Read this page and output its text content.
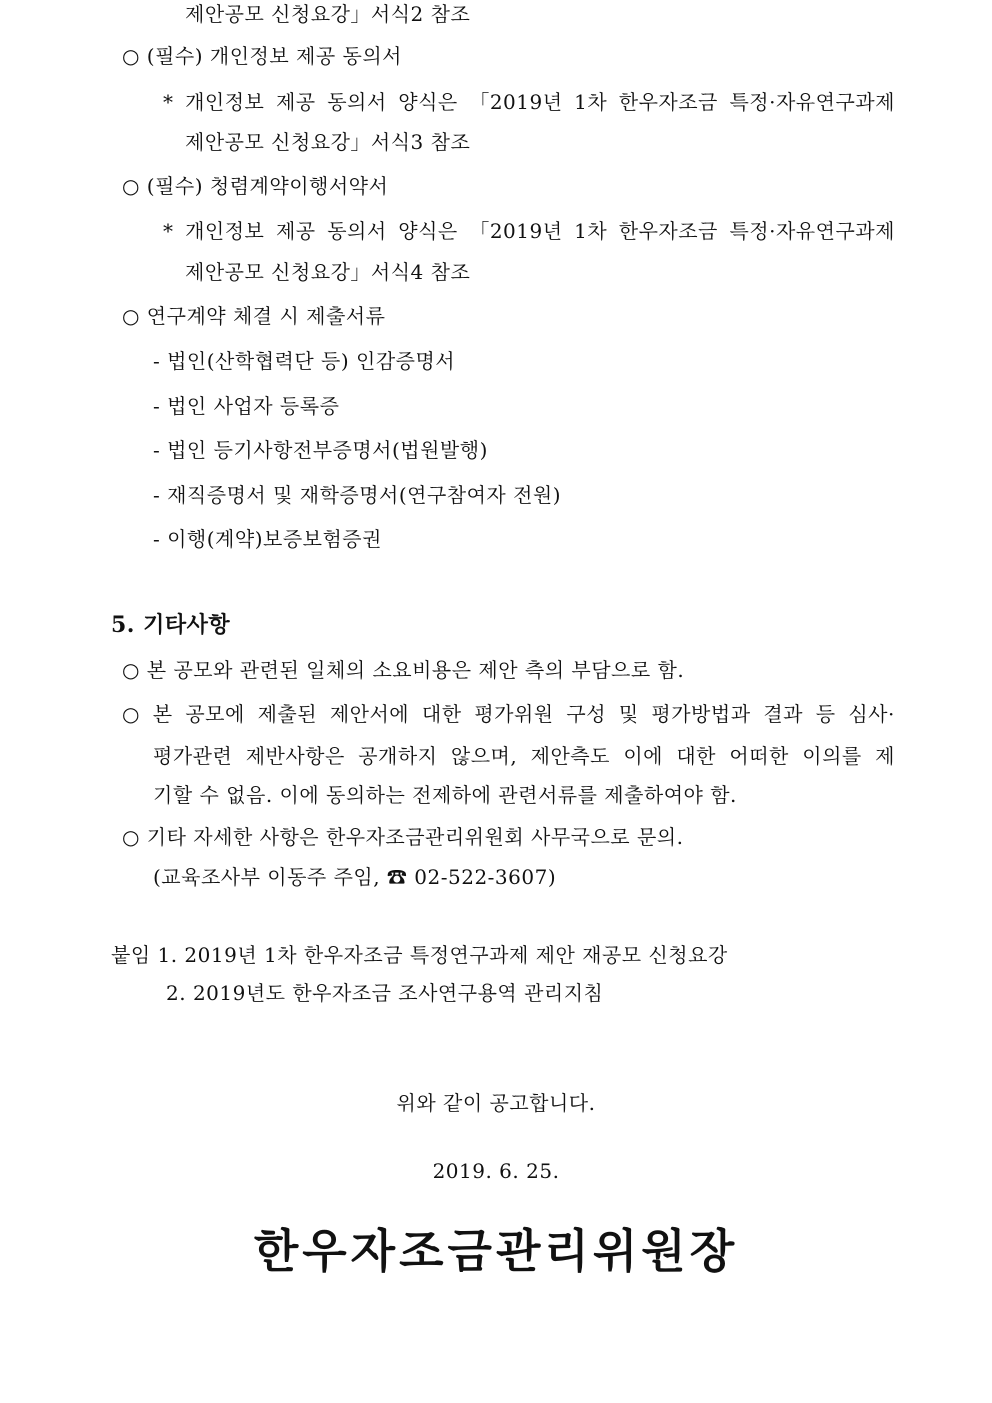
제안공모 신청요강」서식2 참조
○ (필수) 개인정보 제공 동의서
* 개인정보 제공 동의서 양식은 「2019년 1차 한우자조금 특정·자유연구과제
제안공모 신청요강」서식3 참조
○ (필수) 청렴계약이행서약서
* 개인정보 제공 동의서 양식은 「2019년 1차 한우자조금 특정·자유연구과제
제안공모 신청요강」서식4 참조
○ 연구계약 체결 시 제출서류
- 법인(산학협력단 등) 인감증명서
- 법인 사업자 등록증
- 법인 등기사항전부증명서(법원발행)
- 재직증명서 및 재학증명서(연구참여자 전원)
- 이행(계약)보증보험증권
5. 기타사항
○ 본 공모와 관련된 일체의 소요비용은 제안 측의 부담으로 함.
○ 본 공모에 제출된 제안서에 대한 평가위원 구성 및 평가방법과 결과 등 심사·
평가관련 제반사항은 공개하지 않으며, 제안측도 이에 대한 어떠한 이의를 제
기할 수 없음. 이에 동의하는 전제하에 관련서류를 제출하여야 함.
○ 기타 자세한 사항은 한우자조금관리위원회 사무국으로 문의.
(교육조사부 이동주 주임, ☎ 02-522-3607)
붙임 1. 2019년 1차 한우자조금 특정연구과제 제안 재공모 신청요강
2. 2019년도 한우자조금 조사연구용역 관리지침
위와 같이 공고합니다.
2019. 6. 25.
한우자조금관리위원장
